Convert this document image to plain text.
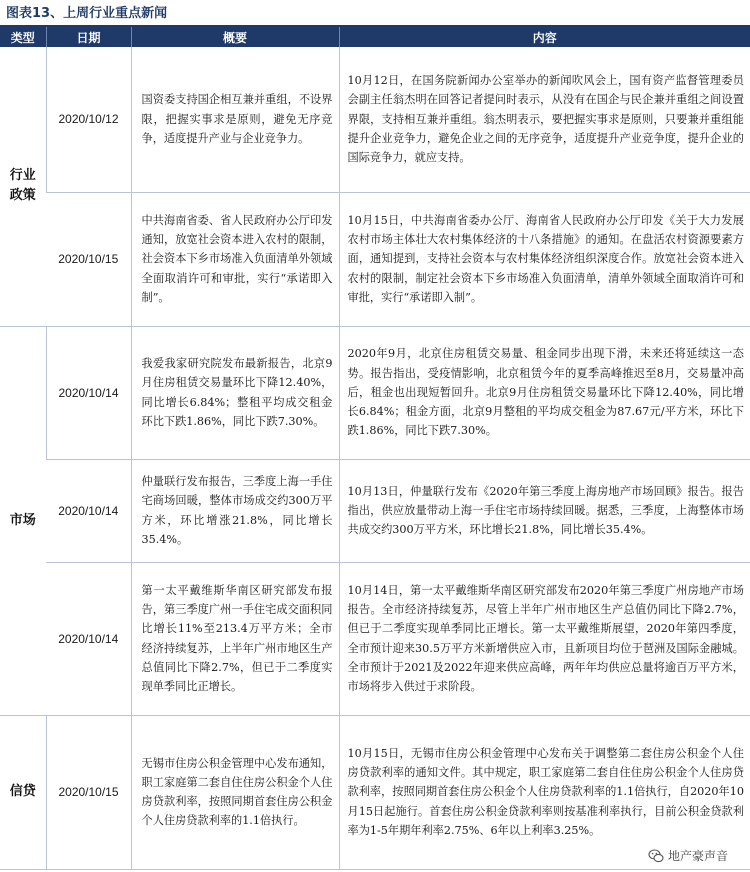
图表13、上周行业重点新闻
类型	日期	概要	内容
行业政策	2020/10/12	国资委支持国企相互兼并重组，不设界限，把握实事求是原则，避免无序竞争，适度提升产业与企业竞争力。	10月12日，在国务院新闻办公室举办的新闻吹风会上，国有资产监督管理委员会副主任翁杰明在回答记者提问时表示，从没有在国企与民企兼并重组之间设置界限，支持相互兼并重组。翁杰明表示，要把握实事求是原则，只要兼并重组能提升企业竞争力，避免企业之间的无序竞争，适度提升产业竞争度，提升企业的国际竞争力，就应支持。
	2020/10/15	中共海南省委、省人民政府办公厅印发通知，放宽社会资本进入农村的限制，社会资本下乡市场准入负面清单外领域全面取消许可和审批，实行“承诺即入制”。	10月15日，中共海南省委办公厅、海南省人民政府办公厅印发《关于大力发展农村市场主体壮大农村集体经济的十八条措施》的通知。在盘活农村资源要素方面，通知提到，支持社会资本与农村集体经济组织深度合作。放宽社会资本进入农村的限制，制定社会资本下乡市场准入负面清单，清单外领域全面取消许可和审批，实行“承诺即入制”。
市场	2020/10/14	我爱我家研究院发布最新报告，北京9月住房租赁交易量环比下降12.40%，同比增长6.84%；整租平均成交租金环比下跌1.86%，同比下跌7.30%。	2020年9月，北京住房租赁交易量、租金同步出现下滑，未来还将延续这一态势。报告指出，受疫情影响，北京租赁今年的夏季高峰推迟至8月，交易量冲高后，租金也出现短暂回升。北京9月住房租赁交易量环比下降12.40%，同比增长6.84%；租金方面，北京9月整租的平均成交租金为87.67元/平方米，环比下跌1.86%，同比下跌7.30%。
	2020/10/14	仲量联行发布报告，三季度上海一手住宅商场回暖，整体市场成交约300万平方米，环比增涨21.8%，同比增长35.4%。	10月13日，仲量联行发布《2020年第三季度上海房地产市场回顾》报告。报告指出，供应放量带动上海一手住宅市场持续回暖。据悉，三季度，上海整体市场共成交约300万平方米，环比增长21.8%，同比增长35.4%。
	2020/10/14	第一太平戴维斯华南区研究部发布报告，第三季度广州一手住宅成交面积同比增长11%至213.4万平方米；全市经济持续复苏，上半年广州市地区生产总值同比下降2.7%，但已于二季度实现单季同比正增长。	10月14日，第一太平戴维斯华南区研究部发布2020年第三季度广州房地产市场报告。全市经济持续复苏，尽管上半年广州市地区生产总值仍同比下降2.7%，但已于二季度实现单季同比正增长。第一太平戴维斯展望，2020年第四季度，全市预计迎来30.5万平方米新增供应入市，且新项目均位于琶洲及国际金融城。全市预计于2021及2022年迎来供应高峰，两年年均供应总量将逾百万平方米，市场将步入供过于求阶段。
信贷	2020/10/15	无锡市住房公积金管理中心发布通知，职工家庭第二套自住住房公积金个人住房贷款利率，按照同期首套住房公积金个人住房贷款利率的1.1倍执行。	10月15日，无锡市住房公积金管理中心发布关于调整第二套住房公积金个人住房贷款利率的通知文件。其中规定，职工家庭第二套自住住房公积金个人住房贷款利率，按照同期首套住房公积金个人住房贷款利率的1.1倍执行，自2020年10月15日起施行。首套住房公积金贷款利率则按基准利率执行，目前公积金贷款利率为1-5年期年利率2.75%、6年以上利率3.25%。
地产豪声音
